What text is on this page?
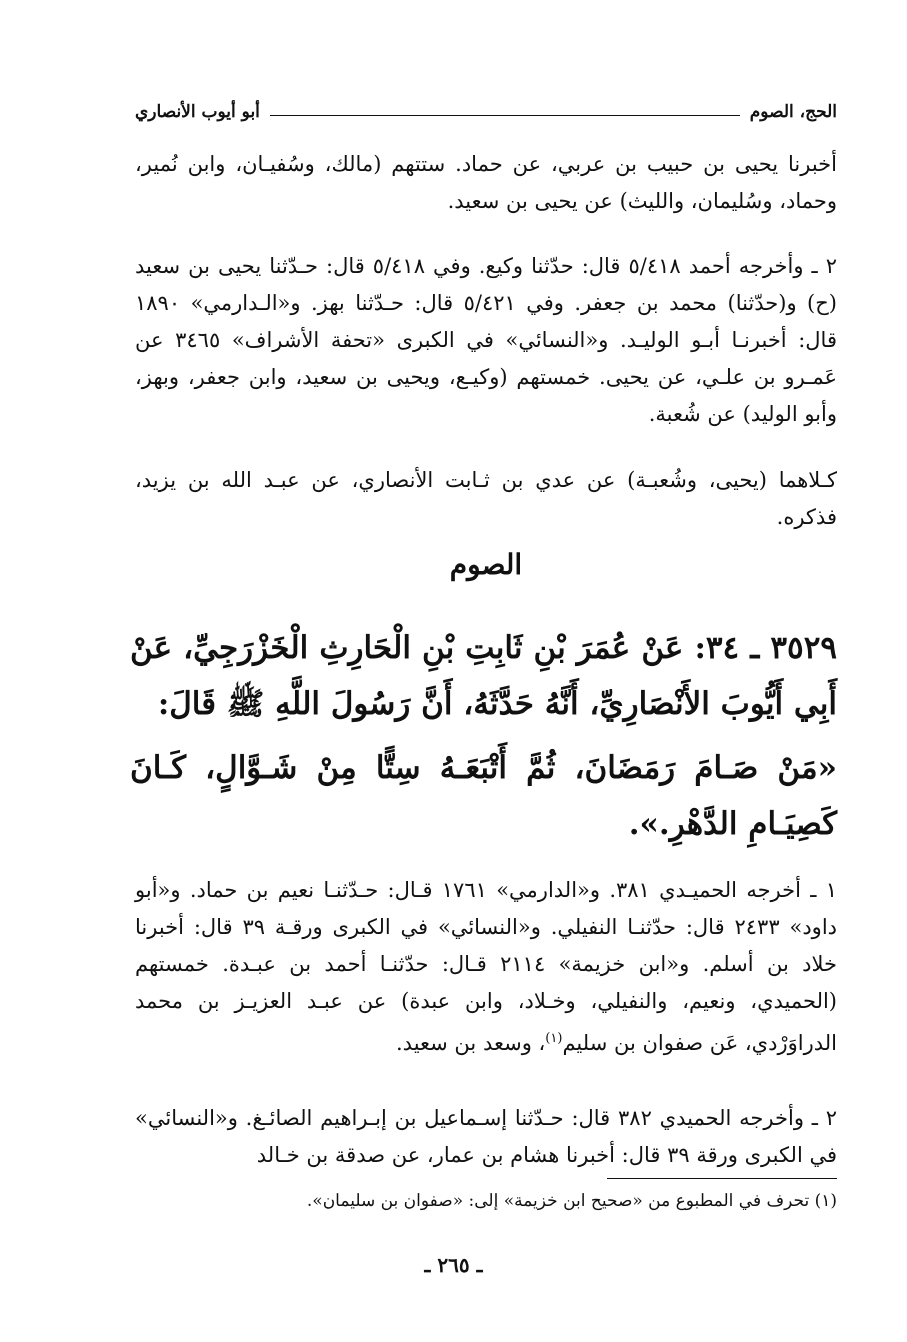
الحج، الصوم
أبو أيوب الأنصاري
أخبرنا يحيى بن حبيب بن عربي، عن حماد. ستتهم (مالك، وسُفيـان، وابن نُمير، وحماد، وسُليمان، والليث) عن يحيى بن سعيد.
٢ ـ وأخرجه أحمد ٥/٤١٨ قال: حدّثنا وكيع. وفي ٥/٤١٨ قال: حـدّثنا يحيى بن سعيد (ح) و(حدّثنا) محمد بن جعفر. وفي ٥/٤٢١ قال: حـدّثنا بهز. و«الـدارمي» ١٨٩٠ قال: أخبرنـا أبـو الوليـد. و«النسائي» في الكبرى «تحفة الأشراف» ٣٤٦٥ عن عَمـرو بن علـي، عن يحيى. خمستهم (وكيـع، ويحيى بن سعيد، وابن جعفر، وبهز، وأبو الوليد) عن شُعبة.
كـلاهما (يحيى، وشُعبـة) عن عدي بن ثـابت الأنصاري، عن عبـد الله بن يزيد، فذكره.
الصوم
٣٥٢٩ ـ ٣٤: عَنْ عُمَرَ بْنِ ثَابِتِ بْنِ الْحَارِثِ الْخَزْرَجِيِّ، عَنْ أَبِي أَيُّوبَ الأَنْصَارِيِّ، أَنَّهُ حَدَّثَهُ، أَنَّ رَسُولَ اللَّهِ ﷺ قَالَ:
«مَنْ صَـامَ رَمَضَانَ، ثُمَّ أَتْبَعَـهُ سِتًّا مِنْ شَـوَّالٍ، كَـانَ كَصِيَـامِ الدَّهْرِ.».
١ ـ أخرجه الحميـدي ٣٨١. و«الدارمي» ١٧٦١ قـال: حـدّثنـا نعيم بن حماد. و«أبو داود» ٢٤٣٣ قال: حدّثنـا النفيلي. و«النسائي» في الكبرى ورقـة ٣٩ قال: أخبرنا خلاد بن أسلم. و«ابن خزيمة» ٢١١٤ قـال: حدّثنـا أحمد بن عبـدة. خمستهم (الحميدي، ونعيم، والنفيلي، وخـلاد، وابن عبدة) عن عبـد العزيـز بن محمد الدراوَرْدي، عَن صفوان بن سليم$^{(١)}$، وسعد بن سعيد.
٢ ـ وأخرجه الحميدي ٣٨٢ قال: حـدّثنا إسـماعيل بن إبـراهيم الصائـغ. و«النسائي» في الكبرى ورقة ٣٩ قال: أخبرنا هشام بن عمار، عن صدقة بن خـالد
(١) تحرف في المطبوع من «صحيح ابن خزيمة» إلى: «صفوان بن سليمان».
ـ ٢٦٥ ـ
